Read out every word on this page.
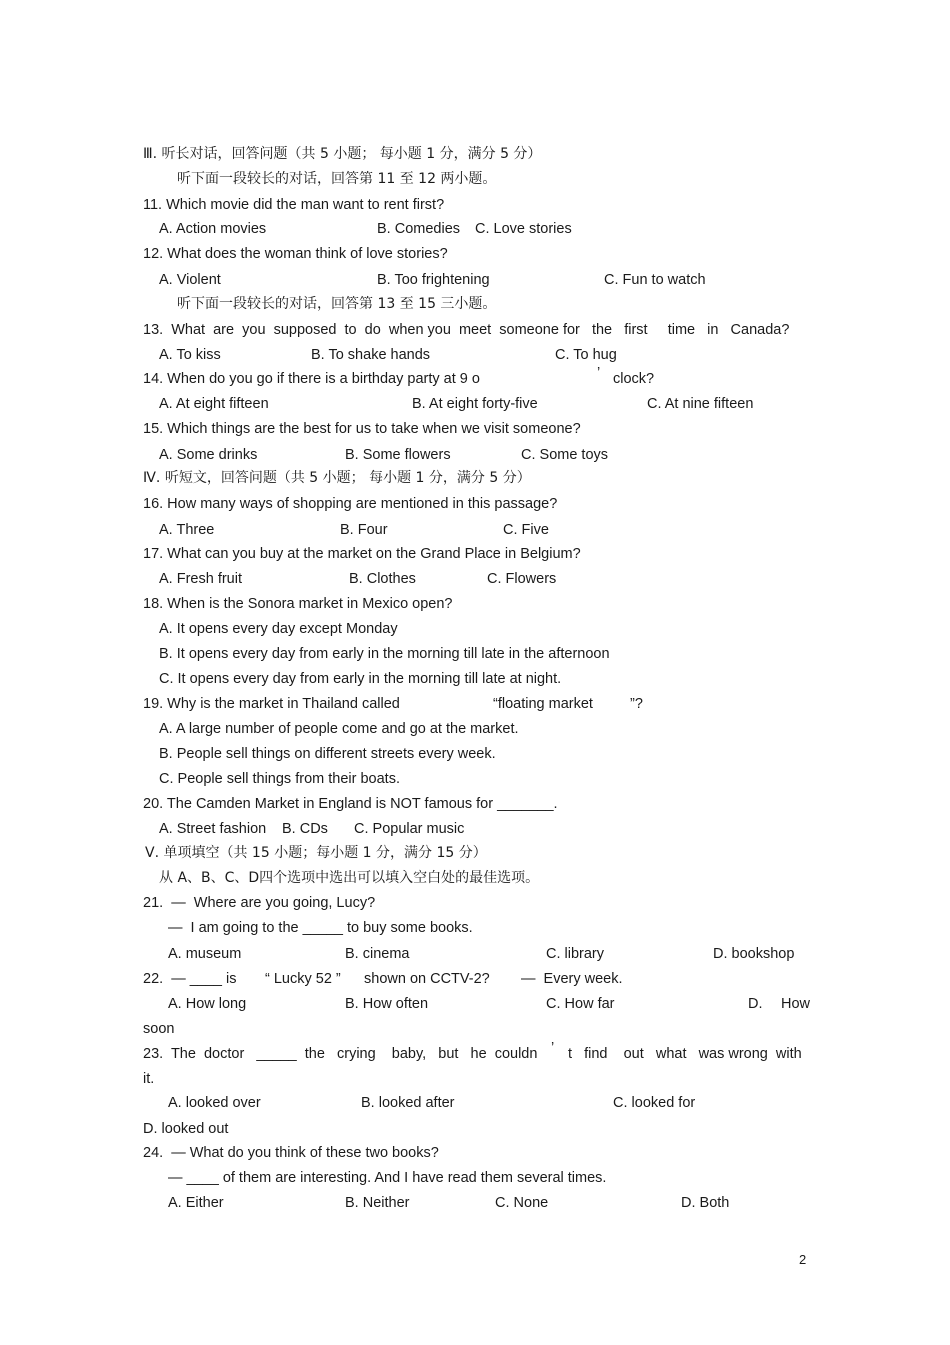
Ⅲ. 听长对话，回答问题（共 5 小题； 每小题 1 分，满分 5 分）
听下面一段较长的对话，回答第 11 至 12 两小题。
11. Which movie did the man want to rent first?
A. Action movies	B. Comedies C. Love stories
12. What does the woman think of love stories?
A. Violent	B. Too frightening	C. Fun to watch
听下面一段较长的对话，回答第 13 至 15 三小题。
13.  What  are  you  supposed  to  do  when you  meet  someone for   the   first     time   in   Canada?
A. To kiss	B. To shake hands	C. To hug
14. When do you go if there is a birthday party at 9 o	’ clock?
A. At eight fifteen	B. At eight forty-five	C. At nine fifteen
15. Which things are the best for us to take when we visit someone?
A. Some drinks	B. Some flowers	C. Some toys
Ⅳ. 听短文，回答问题（共 5 小题； 每小题 1 分，满分 5 分）
16. How many ways of shopping are mentioned in this passage?
A. Three	B. Four	C. Five
17. What can you buy at the market on the Grand Place in Belgium?
A. Fresh fruit	B. Clothes	C. Flowers
18. When is the Sonora market in Mexico open?
A. It opens every day except Monday
B. It opens every day from early in the morning till late in the afternoon
C. It opens every day from early in the morning till late at night.
19. Why is the market in Thailand called	“floating market	”?
A. A large number of people come and go at the market.
B. People sell things on different streets every week.
C. People sell things from their boats.
20. The Camden Market in England is NOT famous for _______.
A. Street fashion B. CDs C. Popular music
Ⅴ. 单项填空（共 15 小题；每小题 1 分，满分 15 分）
从 A、B、C、D四个选项中选出可以填入空白处的最佳选项。
21.  —  Where are you going, Lucy?
—  I am going to the _____ to buy some books.
A. museum	B. cinema	C. library	D. bookshop
22.  — ____ is “ Lucky 52 ” shown on CCTV-2? —  Every week.
A. How long	B. How often	C. How far	D. How
soon
23.  The  doctor   _____  the   crying    baby,   but   he  couldn ’ t   find    out   what   was wrong  with
it.
A. looked over	B. looked after	C. looked for
D. looked out
24.  — What do you think of these two books?
— ____ of them are interesting. And I have read them several times.
A. Either	B. Neither	C. None	D. Both
2
